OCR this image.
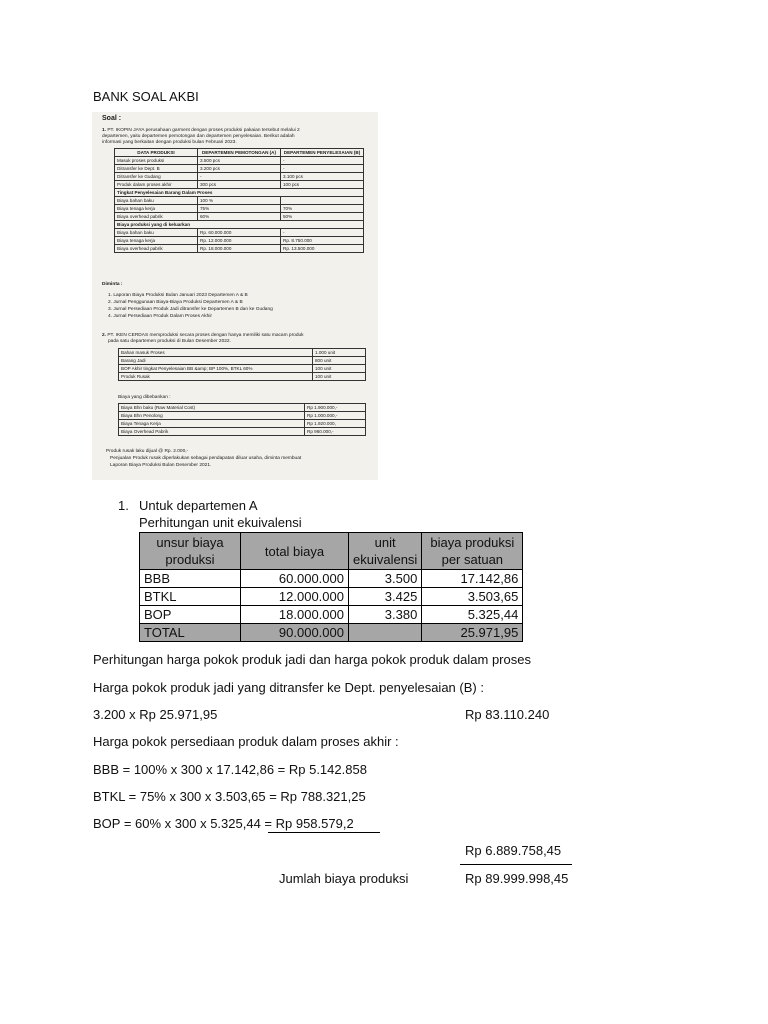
BANK SOAL AKBI
Soal :
1. PT. IKOPIN JAYA perusahaan garment dengan proses produksi pakaian tersebut melalui 2
departemen, yaitu departemen pemotongan dan departemen penyelesaian. Berikut adalah
informasi yang berkaitan dengan produksi bulan Februari 2023.
DATA PRODUKSI	DEPARTEMEN PEMOTONGAN (A)	DEPARTEMEN PENYELESAIAN (B)
Masuk proses produksi	3.500 pcs	-
Ditransfer ke Dept. B	3.200 pcs	-
Ditransfer ke Gudang	-	3.100 pcs
Produk dalam proses akhir	300 pcs	100 pcs
Tingkat Penyelesaian Barang Dalam Proses		
Biaya bahan baku	100 %	
Biaya tenaga kerja	75%	70%
Biaya overhead pabrik	60%	50%
Biaya produksi yang di keluarkan		
Biaya bahan baku	Rp. 60.000.000	-
Biaya tenaga kerja	Rp. 12.000.000	Rp. 8.750.000
Biaya overhead pabrik	Rp. 18.000.000	Rp. 13.500.000
Diminta :
1. Laporan Biaya Produksi Bulan Januari 2023 Departemen A & B
2. Jurnal Penggunaan Biaya-Biaya Produksi Departemen A & B
3. Jurnal Persediaan Produk Jadi ditransfer ke Departemen B dan ke Gudang
4. Jurnal Persediaan Produk Dalam Proses Akhir
2. PT. IKEN CERDAS memproduksi secara proses dengan hanya memiliki satu macam produk
pada satu departemen produksi di Bulan Desember 2022.
Bahan masuk Proses	1.000 unit
Barang Jadi	800 unit
BOP Akhir tingkat Penyelesaian BB &amp; BP 100%, BTKL 60%	100 unit
Produk Rusak	100 unit
Biaya yang dibebankan :
Biaya Bhn baku (Raw Material Cost)	Rp 1.900.000,-
Biaya Bhn Penolong	Rp 1.000.000,-
Biaya Tenaga Kerja	Rp 1.920.000,
Biaya Overhead Pabrik	Rp 960.000,-
Produk rusak laku dijual @ Rp. 2.000,-
Penjualan Produk rusak diperlakukan sebagai pendapatan diluar usaha, diminta membuat
Laporan Biaya Produksi Bulan Desember 2021.
1. Untuk departemen A
Perhitungan unit ekuivalensi
unsur biaya produksi	total biaya	unit ekuivalensi	biaya produksi per satuan
BBB	60.000.000	3.500	17.142,86
BTKL	12.000.000	3.425	3.503,65
BOP	18.000.000	3.380	5.325,44
TOTAL	90.000.000		25.971,95
Perhitungan harga pokok produk jadi dan harga pokok produk dalam proses
Harga pokok produk jadi yang ditransfer ke Dept. penyelesaian (B) :
3.200 x Rp 25.971,95	Rp 83.110.240
Harga pokok persediaan produk dalam proses akhir :
BBB = 100% x 300 x 17.142,86 = Rp 5.142.858
BTKL = 75% x 300 x 3.503,65 = Rp 788.321,25
BOP = 60% x 300 x 5.325,44 = Rp 958.579,2
Rp 6.889.758,45
Jumlah biaya produksi	Rp 89.999.998,45
